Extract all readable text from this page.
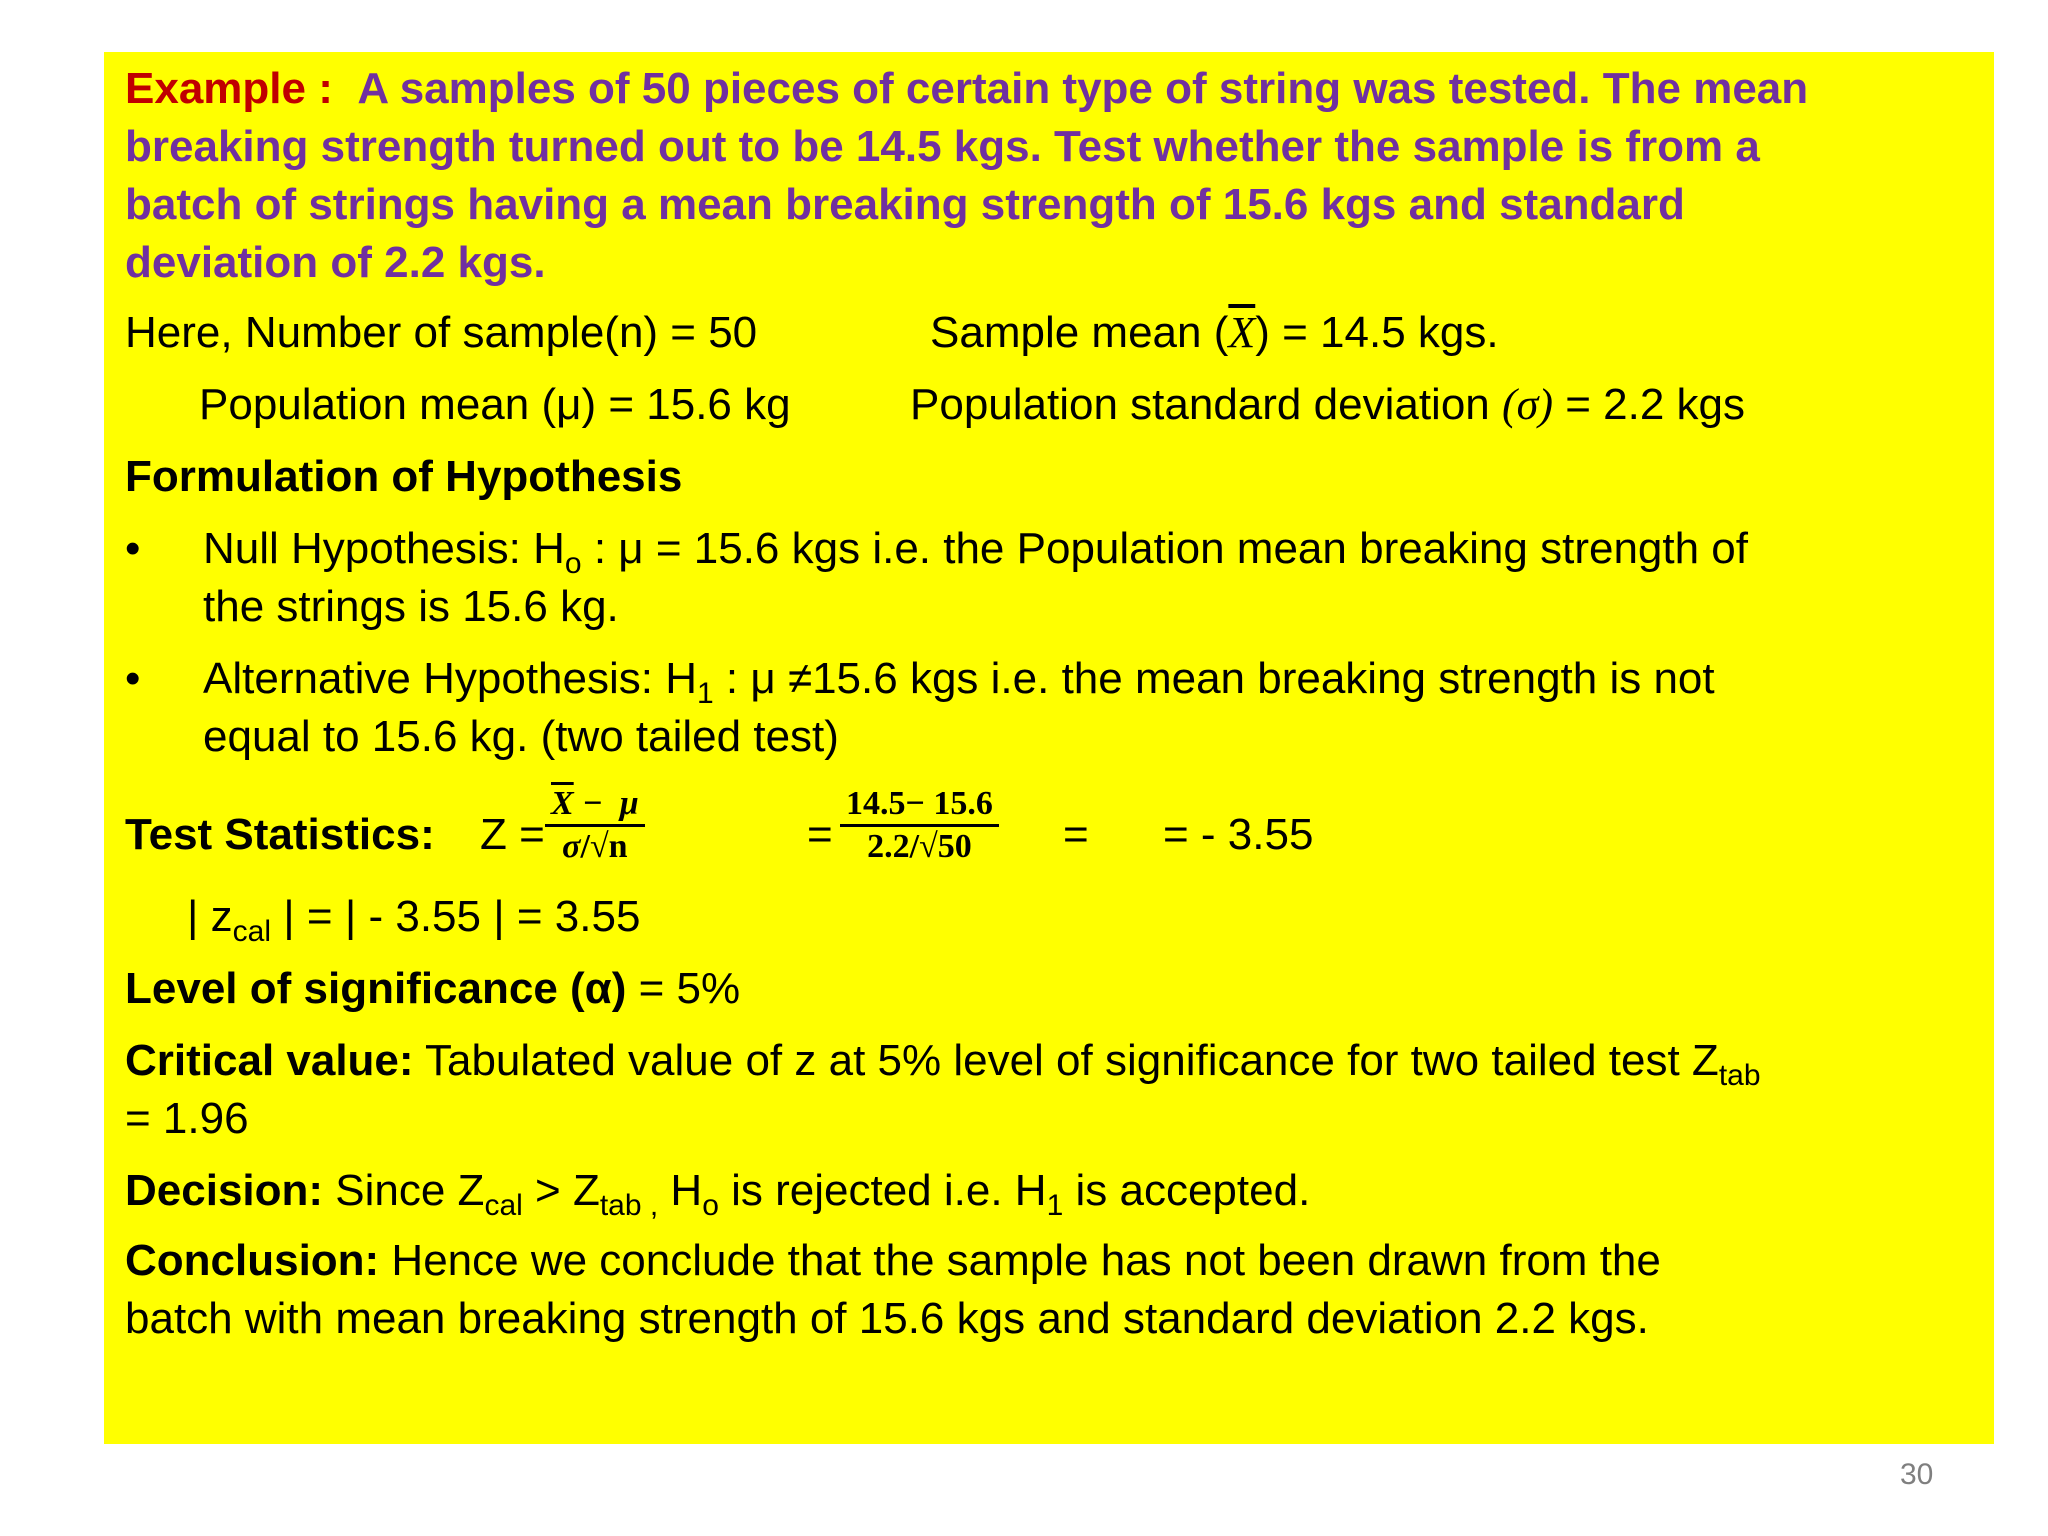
Example : A samples of 50 pieces of certain type of string was tested. The mean
breaking strength turned out to be 14.5 kgs. Test whether the sample is from a
batch of strings having a mean breaking strength of 15.6 kgs and standard
deviation of 2.2 kgs.
Here, Number of sample(n) = 50	Sample mean $(\overline{X}) = 14.5$ kgs.
Population mean (μ) = 15.6 kg	Population standard deviation (σ) = 2.2 kgs
Formulation of Hypothesis
• Null Hypothesis: $H_o$ : μ = 15.6 kgs i.e. the Population mean breaking strength of
the strings is 15.6 kg.
• Alternative Hypothesis: $H_1$ : μ ≠15.6 kgs i.e. the mean breaking strength is not
equal to 15.6 kg. (two tailed test)
Test Statistics: $Z = \frac{\overline{X} - \mu}{\sigma/√n}$	= $\frac{14.5- 15.6}{2.2/√50}$ = = - 3.55
| $z_{cal}$ | = | - 3.55 | = 3.55
Level of significance (α) = 5%
Critical value: Tabulated value of z at 5% level of significance for two tailed test $Z_{tab}$
= 1.96
Decision: Since $Z_{cal} > Z_{tab ,}$ $H_o$ is rejected i.e. $H_1$ is accepted.
Conclusion: Hence we conclude that the sample has not been drawn from the
batch with mean breaking strength of 15.6 kgs and standard deviation 2.2 kgs.
30
